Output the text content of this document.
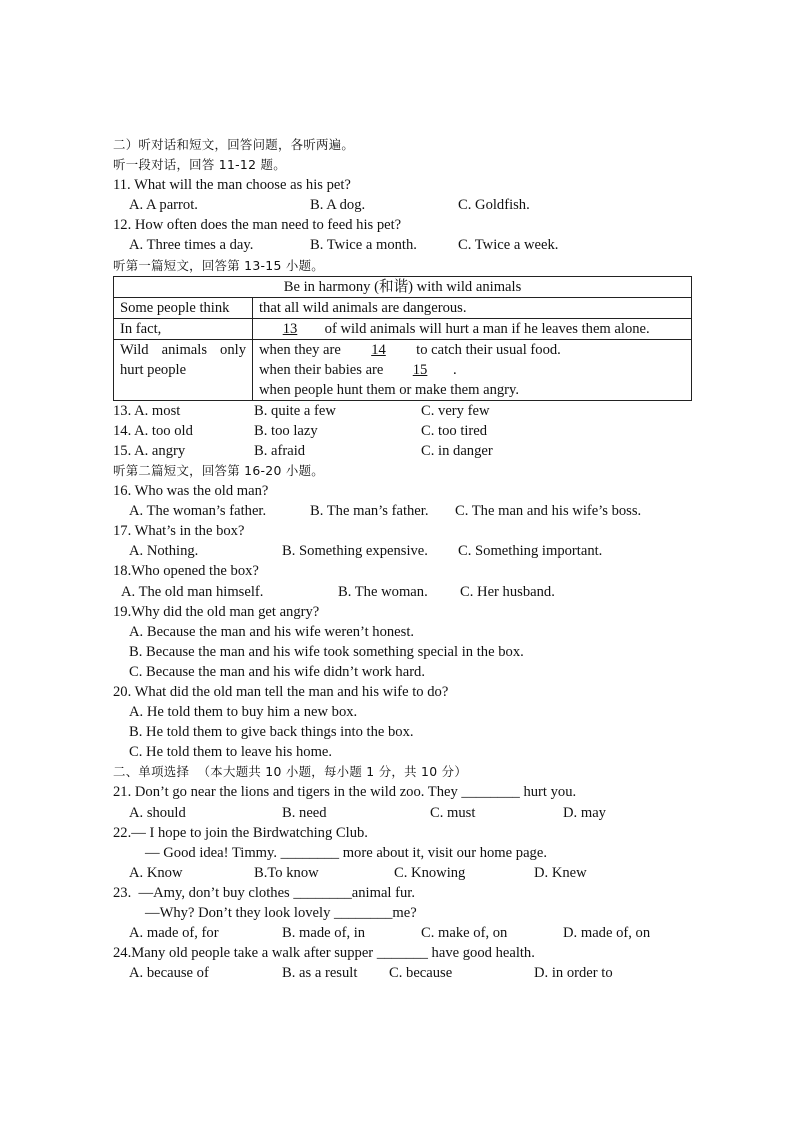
二）听对话和短文，回答问题，各听两遍。
听一段对话，回答 11-12 题。
11. What will the man choose as his pet?

A. A parrot.

	B. A dog.

	C. Goldfish.

12. How often does the man need to feed his pet?

A. Three times a day.

	B. Twice a month.

	C. Twice a week.

听第一篇短文，回答第 13-15 小题。
Be in harmony (和谐) with wild animals	
Some people think	that all wild animals are dangerous.
In fact,	13 of wild animals will hurt a man if he leaves them alone.
Wild animals only hurt people	when they are 14 to catch their usual food.
when their babies are 15 .
when people hunt them or make them angry.

13. A. most

	B. quite a few

	C. very few

14. A. too old

	B. too lazy

	C. too tired

15. A. angry

	B. afraid

	C. in danger

听第二篇短文，回答第 16-20 小题。
16. Who was the old man?

A. The woman’s father.

	B. The man’s father.

C. The man and his wife’s boss.

17. What’s in the box?

A. Nothing.

	B. Something expensive.

C. Something important.

18.Who opened the box?

A. The old man himself.

	B. The woman.

C. Her husband.

19.Why did the old man get angry?
A. Because the man and his wife weren’t honest.
B. Because the man and his wife took something special in the box.
C. Because the man and his wife didn’t work hard.
20. What did the old man tell the man and his wife to do?
A. He told them to buy him a new box.
B. He told them to give back things into the box.
C. He told them to leave his home.
二、单项选择  （本大题共 10 小题，每小题 1 分，共 10 分）
21. Don’t go near the lions and tigers in the wild zoo. They ________ hurt you.

A. should

	B. need

	C. must

	D. may

22.— I hope to join the Birdwatching Club.
— Good idea! Timmy. ________ more about it, visit our home page.

A. Know

	B.To know

	C. Knowing

	D. Knew

23.  —Amy, don’t buy clothes ________animal fur.
—Why? Don’t they look lovely ________me?

A. made of, for

	B. made of, in

	C. make of, on

	D. made of, on

24.Many old people take a walk after supper _______ have good health.

A. because of

	B. as a result

C. because

	D. in order to
